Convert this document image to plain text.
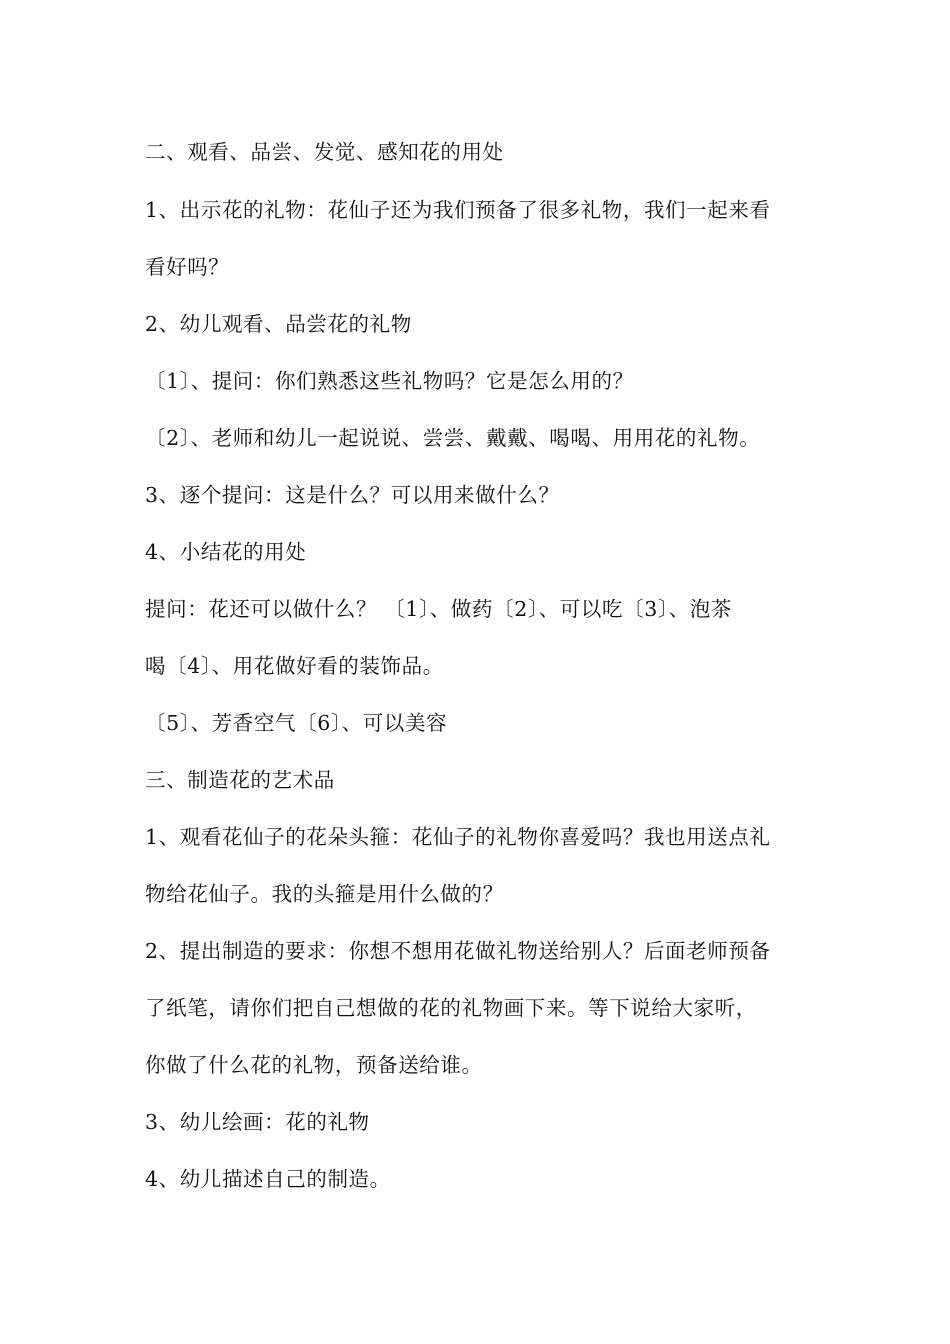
二、观看、品尝、发觉、感知花的用处
1、出示花的礼物：花仙子还为我们预备了很多礼物，我们一起来看
看好吗？
2、幼儿观看、品尝花的礼物
〔1〕、提问：你们熟悉这些礼物吗？它是怎么用的？
〔2〕、老师和幼儿一起说说、尝尝、戴戴、喝喝、用用花的礼物。
3、逐个提问：这是什么？可以用来做什么？
4、小结花的用处
提问：花还可以做什么？ 〔1〕、做药〔2〕、可以吃〔3〕、泡茶
喝〔4〕、用花做好看的装饰品。
〔5〕、芳香空气〔6〕、可以美容
三、制造花的艺术品
1、观看花仙子的花朵头箍：花仙子的礼物你喜爱吗？我也用送点礼
物给花仙子。我的头箍是用什么做的？
2、提出制造的要求：你想不想用花做礼物送给别人？后面老师预备
了纸笔，请你们把自己想做的花的礼物画下来。等下说给大家听，
你做了什么花的礼物，预备送给谁。
3、幼儿绘画：花的礼物
4、幼儿描述自己的制造。
